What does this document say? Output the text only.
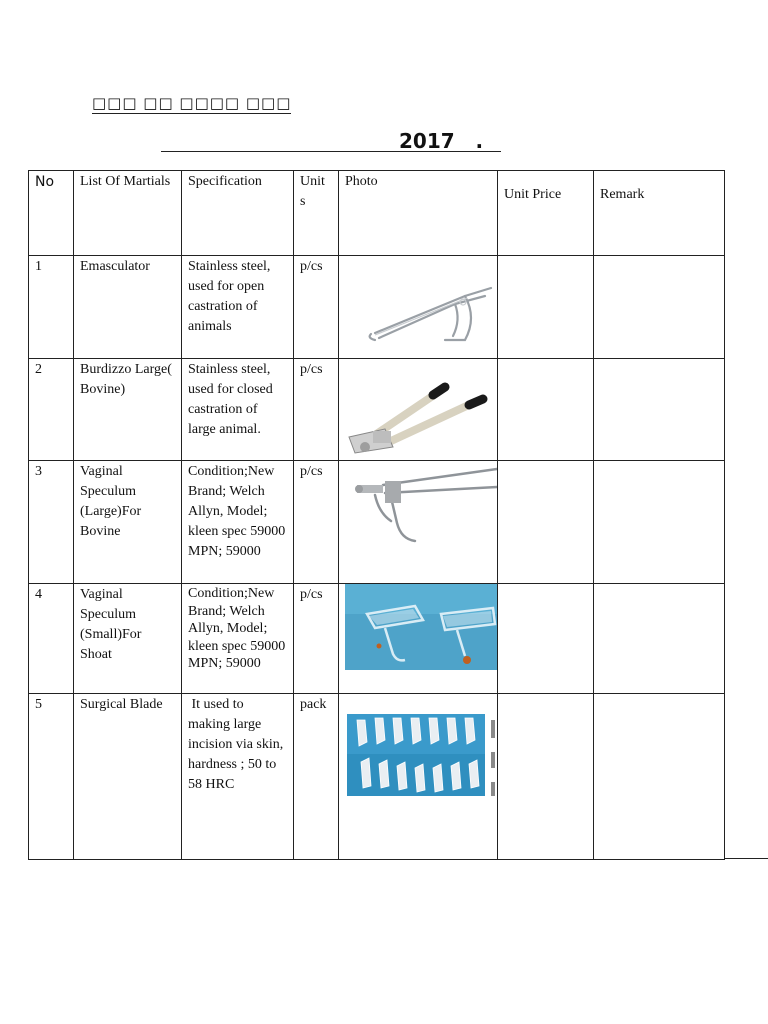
□□□ □□ □□□□ □□□
2017   .
No	List Of Martials	Specification	Unit s	Photo	Unit Price	Remark
1	Emasculator	Stainless steel, used for open castration of animals	p/cs	

2	Burdizzo Large( Bovine)	Stainless steel, used for closed castration of large animal.	p/cs	

3	Vaginal Speculum (Large)For Bovine	Condition;New Brand; Welch Allyn, Model; kleen spec 59000 MPN; 59000	p/cs	

4	Vaginal Speculum (Small)For Shoat	Condition;New Brand; Welch Allyn, Model; kleen spec 59000 MPN; 59000	p/cs	

5	Surgical Blade	It used to making large incision via skin,  hardness ; 50 to 58 HRC	pack	
